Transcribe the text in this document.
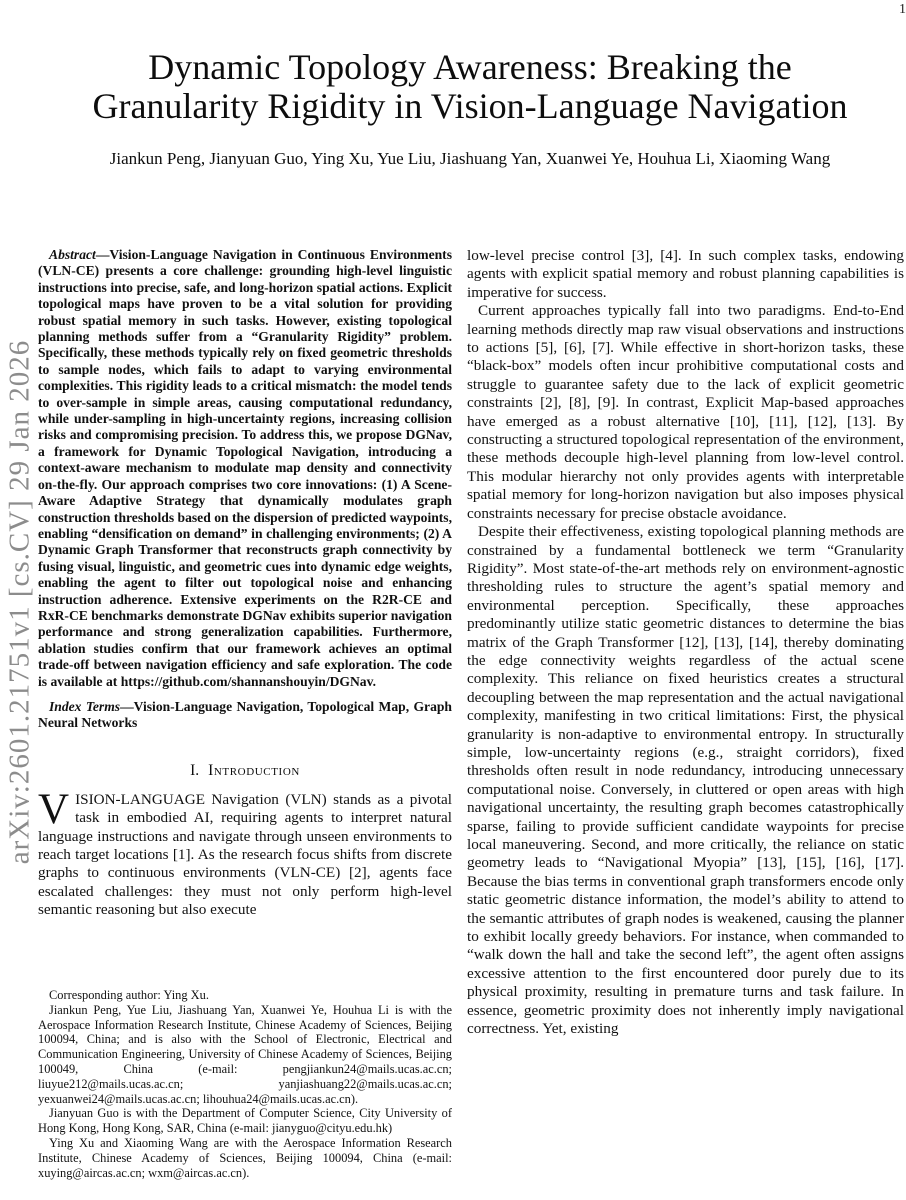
1
arXiv:2601.21751v1 [cs.CV] 29 Jan 2026
Dynamic Topology Awareness: Breaking the
Granularity Rigidity in Vision-Language Navigation
Jiankun Peng, Jianyuan Guo, Ying Xu, Yue Liu, Jiashuang Yan, Xuanwei Ye, Houhua Li, Xiaoming Wang

Abstract—Vision-Language Navigation in Continuous Environments (VLN-CE) presents a core challenge: grounding high-level linguistic instructions into precise, safe, and long-horizon spatial actions. Explicit topological maps have proven to be a vital solution for providing robust spatial memory in such tasks. However, existing topological planning methods suffer from a “Granularity Rigidity” problem. Specifically, these methods typically rely on fixed geometric thresholds to sample nodes, which fails to adapt to varying environmental complexities. This rigidity leads to a critical mismatch: the model tends to over-sample in simple areas, causing computational redundancy, while under-sampling in high-uncertainty regions, increasing collision risks and compromising precision. To address this, we propose DGNav, a framework for Dynamic Topological Navigation, introducing a context-aware mechanism to modulate map density and connectivity on-the-fly. Our approach comprises two core innovations: (1) A Scene-Aware Adaptive Strategy that dynamically modulates graph construction thresholds based on the dispersion of predicted waypoints, enabling “densification on demand” in challenging environments; (2) A Dynamic Graph Transformer that reconstructs graph connectivity by fusing visual, linguistic, and geometric cues into dynamic edge weights, enabling the agent to filter out topological noise and enhancing instruction adherence. Extensive experiments on the R2R-CE and RxR-CE benchmarks demonstrate DGNav exhibits superior navigation performance and strong generalization capabilities. Furthermore, ablation studies confirm that our framework achieves an optimal trade-off between navigation efficiency and safe exploration. The code is available at https://github.com/shannanshouyin/DGNav.

Index Terms—Vision-Language Navigation, Topological Map, Graph Neural Networks

I. Introduction

VISION-LANGUAGE Navigation (VLN) stands as a pivotal task in embodied AI, requiring agents to interpret natural language instructions and navigate through unseen environments to reach target locations [1]. As the research focus shifts from discrete graphs to continuous environments (VLN-CE) [2], agents face escalated challenges: they must not only perform high-level semantic reasoning but also execute

low-level precise control [3], [4]. In such complex tasks, endowing agents with explicit spatial memory and robust planning capabilities is imperative for success.

Current approaches typically fall into two paradigms. End-to-End learning methods directly map raw visual observations and instructions to actions [5], [6], [7]. While effective in short-horizon tasks, these “black-box” models often incur prohibitive computational costs and struggle to guarantee safety due to the lack of explicit geometric constraints [2], [8], [9]. In contrast, Explicit Map-based approaches have emerged as a robust alternative [10], [11], [12], [13]. By constructing a structured topological representation of the environment, these methods decouple high-level planning from low-level control. This modular hierarchy not only provides agents with interpretable spatial memory for long-horizon navigation but also imposes physical constraints necessary for precise obstacle avoidance.

Despite their effectiveness, existing topological planning methods are constrained by a fundamental bottleneck we term “Granularity Rigidity”. Most state-of-the-art methods rely on environment-agnostic thresholding rules to structure the agent’s spatial memory and environmental perception. Specifically, these approaches predominantly utilize static geometric distances to determine the bias matrix of the Graph Transformer [12], [13], [14], thereby dominating the edge connectivity weights regardless of the actual scene complexity. This reliance on fixed heuristics creates a structural decoupling between the map representation and the actual navigational complexity, manifesting in two critical limitations: First, the physical granularity is non-adaptive to environmental entropy. In structurally simple, low-uncertainty regions (e.g., straight corridors), fixed thresholds often result in node redundancy, introducing unnecessary computational noise. Conversely, in cluttered or open areas with high navigational uncertainty, the resulting graph becomes catastrophically sparse, failing to provide sufficient candidate waypoints for precise local maneuvering. Second, and more critically, the reliance on static geometry leads to “Navigational Myopia” [13], [15], [16], [17]. Because the bias terms in conventional graph transformers encode only static geometric distance information, the model’s ability to attend to the semantic attributes of graph nodes is weakened, causing the planner to exhibit locally greedy behaviors. For instance, when commanded to “walk down the hall and take the second left”, the agent often assigns excessive attention to the first encountered door purely due to its physical proximity, resulting in premature turns and task failure. In essence, geometric proximity does not inherently imply navigational correctness. Yet, existing

Corresponding author: Ying Xu.

Jiankun Peng, Yue Liu, Jiashuang Yan, Xuanwei Ye, Houhua Li is with the Aerospace Information Research Institute, Chinese Academy of Sciences, Beijing 100094, China; and is also with the School of Electronic, Electrical and Communication Engineering, University of Chinese Academy of Sciences, Beijing 100049, China (e-mail: pengjiankun24@mails.ucas.ac.cn; liuyue212@mails.ucas.ac.cn; yanjiashuang22@mails.ucas.ac.cn; yexuanwei24@mails.ucas.ac.cn; lihouhua24@mails.ucas.ac.cn).

Jianyuan Guo is with the Department of Computer Science, City University of Hong Kong, Hong Kong, SAR, China (e-mail: jianyguo@cityu.edu.hk)

Ying Xu and Xiaoming Wang are with the Aerospace Information Research Institute, Chinese Academy of Sciences, Beijing 100094, China (e-mail: xuying@aircas.ac.cn; wxm@aircas.ac.cn).
